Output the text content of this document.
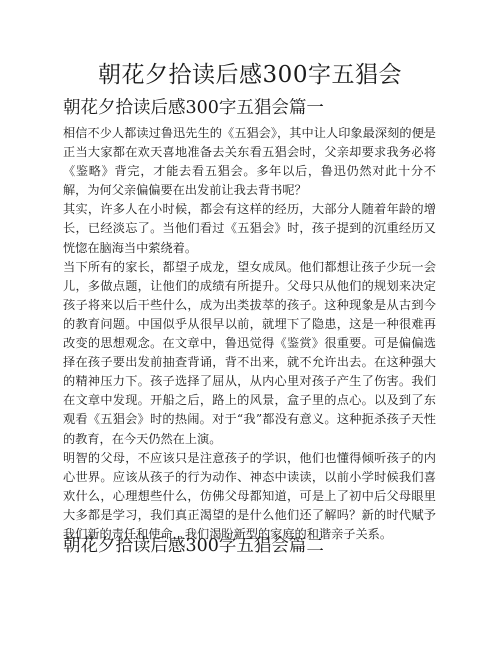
朝花夕拾读后感300字五猖会
朝花夕拾读后感300字五猖会篇一

相信不少人都读过鲁迅先生的《五猖会》，其中让人印象最深刻的便是正当大家都在欢天喜地准备去关东看五猖会时，父亲却要求我务必将《鉴略》背完，才能去看五猖会。多年以后，鲁迅仍然对此十分不解，为何父亲偏偏要在出发前让我去背书呢？

其实，许多人在小时候，都会有这样的经历，大部分人随着年龄的增长，已经淡忘了。当他们看过《五猖会》时，孩子提到的沉重经历又恍惚在脑海当中萦绕着。

当下所有的家长，都望子成龙，望女成凤。他们都想让孩子少玩一会儿，多做点题，让他们的成绩有所提升。父母只从他们的规划来决定孩子将来以后干些什么，成为出类拔萃的孩子。这种现象是从古到今的教育问题。中国似乎从很早以前，就埋下了隐患，这是一种很难再改变的思想观念。在文章中，鲁迅觉得《鉴赏》很重要。可是偏偏选择在孩子要出发前抽查背诵，背不出来，就不允许出去。在这种强大的精神压力下。孩子选择了屈从，从内心里对孩子产生了伤害。我们在文章中发现。开船之后，路上的风景，盒子里的点心。以及到了东观看《五猖会》时的热闹。对于“我”都没有意义。这种扼杀孩子天性的教育，在今天仍然在上演。

明智的父母，不应该只是注意孩子的学识，他们也懂得倾听孩子的内心世界。应该从孩子的行为动作、神态中读读，以前小学时候我们喜欢什么，心理想些什么，仿佛父母都知道，可是上了初中后父母眼里大多都是学习，我们真正渴望的是什么他们还了解吗？新的时代赋予我们新的责任和使命，我们渴盼新型的家庭的和谐亲子关系。

朝花夕拾读后感300字五猖会篇二
